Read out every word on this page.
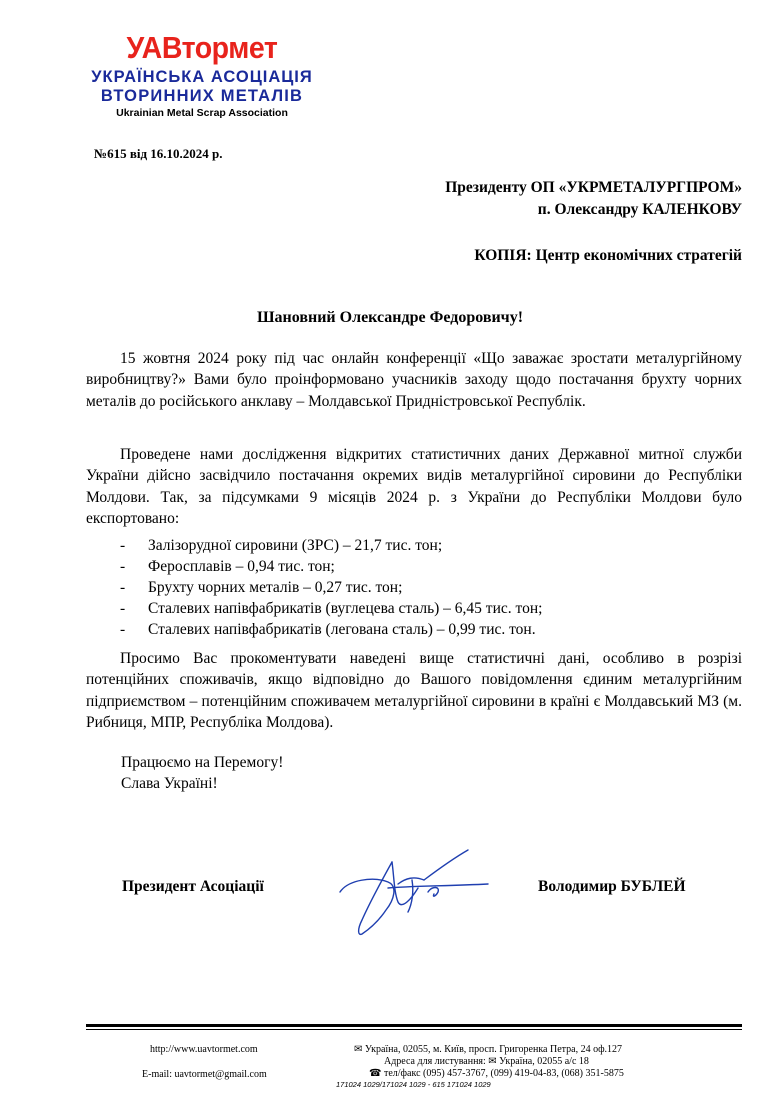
УАВтормет
УКРАЇНСЬКА АСОЦІАЦІЯ
ВТОРИННИХ МЕТАЛІВ
Ukrainian Metal Scrap Association
№615 від 16.10.2024 р.
Президенту ОП «УКРМЕТАЛУРГПРОМ»
п. Олександру КАЛЕНКОВУ
КОПІЯ: Центр економічних стратегій
Шановний Олександре Федоровичу!

15 жовтня 2024 року під час онлайн конференції «Що заважає зростати металургійному виробництву?» Вами було проінформовано учасників заходу щодо постачання брухту чорних металів до російського анклаву – Молдавської Придністровської Республік.

Проведене нами дослідження відкритих статистичних даних Державної митної служби України дійсно засвідчило постачання окремих видів металургійної сировини до Республіки Молдови. Так, за підсумками 9 місяців 2024 р. з України до Республіки Молдови було експортовано:

- Залізорудної сировини (ЗРС) – 21,7 тис. тон;
- Феросплавів – 0,94 тис. тон;
- Брухту чорних металів – 0,27 тис. тон;
- Сталевих напівфабрикатів (вуглецева сталь) – 6,45 тис. тон;
- Сталевих напівфабрикатів (легована сталь) – 0,99 тис. тон.

Просимо Вас прокоментувати наведені вище статистичні дані, особливо в розрізі потенційних споживачів, якщо відповідно до Вашого повідомлення єдиним металургійним підприємством – потенційним споживачем металургійної сировини в країні є Молдавський МЗ (м. Рибниця, МПР, Республіка Молдова).

Працюємо на Перемогу!
Слава Україні!
Президент Асоціації	Володимир БУБЛЕЙ
http://www.uavtormet.com
E-mail: uavtormet@gmail.com
✉ Україна, 02055, м. Київ, просп. Григоренка Петра, 24 оф.127
Адреса для листування: ✉ Україна, 02055 а/с 18
☎ тел/факс (095) 457-3767, (099) 419-04-83, (068) 351-5875
171024 1029/171024 1029 - 615 171024 1029
